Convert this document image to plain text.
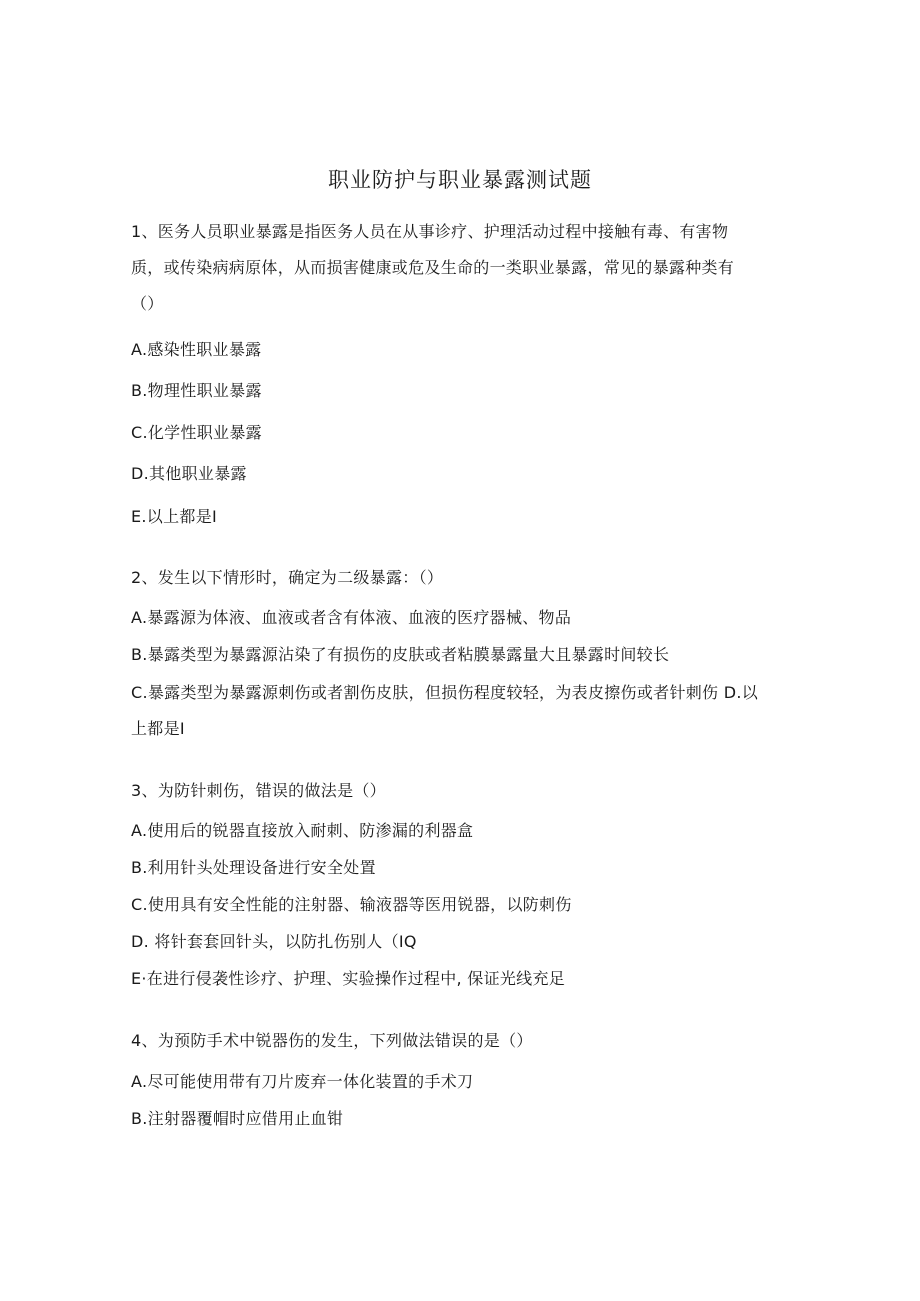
职业防护与职业暴露测试题
1、医务人员职业暴露是指医务人员在从事诊疗、护理活动过程中接触有毒、有害物
质，或传染病病原体，从而损害健康或危及生命的一类职业暴露，常见的暴露种类有
（）
A.感染性职业暴露
B.物理性职业暴露
C.化学性职业暴露
D.其他职业暴露
E.以上都是I
2、发生以下情形时，确定为二级暴露：（）
A.暴露源为体液、血液或者含有体液、血液的医疗器械、物品
B.暴露类型为暴露源沾染了有损伤的皮肤或者粘膜暴露量大且暴露时间较长
C.暴露类型为暴露源刺伤或者割伤皮肤，但损伤程度较轻，为表皮擦伤或者针刺伤 D.以
上都是I
3、为防针刺伤，错误的做法是（）
A.使用后的锐器直接放入耐刺、防渗漏的利器盒
B.利用针头处理设备进行安全处置
C.使用具有安全性能的注射器、输液器等医用锐器，以防刺伤
D. 将针套套回针头，以防扎伤别人（IQ
E·在进行侵袭性诊疗、护理、实验操作过程中, 保证光线充足
4、为预防手术中锐器伤的发生，下列做法错误的是（）
A.尽可能使用带有刀片废弃一体化装置的手术刀
B.注射器覆帽时应借用止血钳
